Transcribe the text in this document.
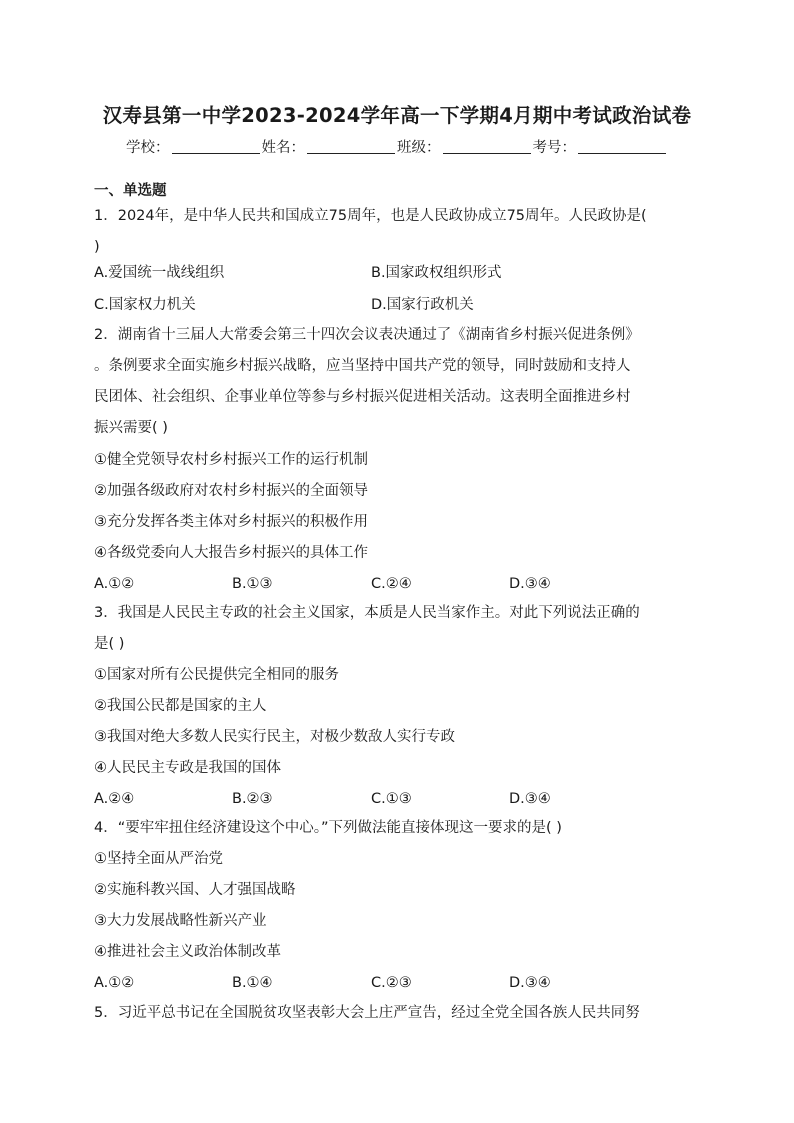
汉寿县第一中学2023-2024学年高一下学期4月期中考试政治试卷
学校：	姓名：	班级：	考号：
一、单选题
1．2024年，是中华人民共和国成立75周年，也是人民政协成立75周年。人民政协是(
)
A.爱国统一战线组织	B.国家政权组织形式
C.国家权力机关	D.国家行政机关
2．湖南省十三届人大常委会第三十四次会议表决通过了《湖南省乡村振兴促进条例》
。条例要求全面实施乡村振兴战略，应当坚持中国共产党的领导，同时鼓励和支持人
民团体、社会组织、企事业单位等参与乡村振兴促进相关活动。这表明全面推进乡村
振兴需要( )
①健全党领导农村乡村振兴工作的运行机制
②加强各级政府对农村乡村振兴的全面领导
③充分发挥各类主体对乡村振兴的积极作用
④各级党委向人大报告乡村振兴的具体工作
A.①②	B.①③	C.②④	D.③④
3．我国是人民民主专政的社会主义国家，本质是人民当家作主。对此下列说法正确的
是( )
①国家对所有公民提供完全相同的服务
②我国公民都是国家的主人
③我国对绝大多数人民实行民主，对极少数敌人实行专政
④人民民主专政是我国的国体
A.②④	B.②③	C.①③	D.③④
4．“要牢牢扭住经济建设这个中心。”下列做法能直接体现这一要求的是( )
①坚持全面从严治党
②实施科教兴国、人才强国战略
③大力发展战略性新兴产业
④推进社会主义政治体制改革
A.①②	B.①④	C.②③	D.③④
5．习近平总书记在全国脱贫攻坚表彰大会上庄严宣告，经过全党全国各族人民共同努
